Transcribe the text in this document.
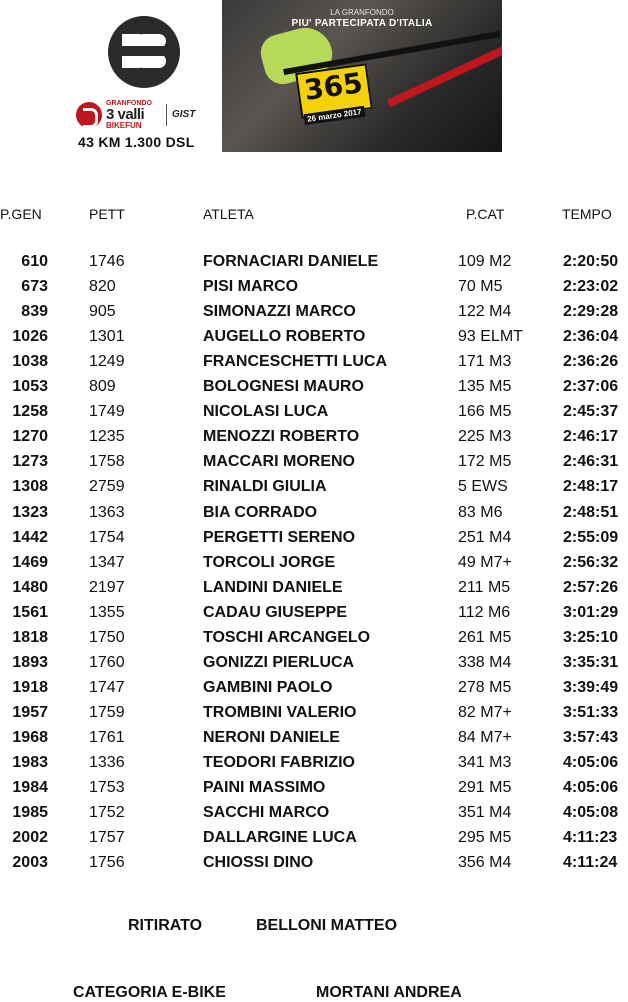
GRANFONDO
3 valli
BIKEFUN
GIST
43 KM 1.300 DSL
365
26 marzo 2017
LA GRANFONDO
PIU' PARTECIPATA D'ITALIA
P.GEN	PETT	ATLETA	P.CAT	TEMPO
610	1746	FORNACIARI DANIELE	109 M2	2:20:50
673	820	PISI MARCO	70 M5	2:23:02
839	905	SIMONAZZI MARCO	122 M4	2:29:28
1026	1301	AUGELLO ROBERTO	93 ELMT	2:36:04
1038	1249	FRANCESCHETTI LUCA	171 M3	2:36:26
1053	809	BOLOGNESI MAURO	135 M5	2:37:06
1258	1749	NICOLASI LUCA	166 M5	2:45:37
1270	1235	MENOZZI ROBERTO	225 M3	2:46:17
1273	1758	MACCARI MORENO	172 M5	2:46:31
1308	2759	RINALDI GIULIA	5 EWS	2:48:17
1323	1363	BIA CORRADO	83 M6	2:48:51
1442	1754	PERGETTI SERENO	251 M4	2:55:09
1469	1347	TORCOLI JORGE	49 M7+	2:56:32
1480	2197	LANDINI DANIELE	211 M5	2:57:26
1561	1355	CADAU GIUSEPPE	112 M6	3:01:29
1818	1750	TOSCHI ARCANGELO	261 M5	3:25:10
1893	1760	GONIZZI PIERLUCA	338 M4	3:35:31
1918	1747	GAMBINI PAOLO	278 M5	3:39:49
1957	1759	TROMBINI VALERIO	82 M7+	3:51:33
1968	1761	NERONI DANIELE	84 M7+	3:57:43
1983	1336	TEODORI FABRIZIO	341 M3	4:05:06
1984	1753	PAINI MASSIMO	291 M5	4:05:06
1985	1752	SACCHI MARCO	351 M4	4:05:08
2002	1757	DALLARGINE LUCA	295 M5	4:11:23
2003	1756	CHIOSSI DINO	356 M4	4:11:24
RITIRATO	BELLONI MATTEO
CATEGORIA E-BIKE	MORTANI ANDREA
